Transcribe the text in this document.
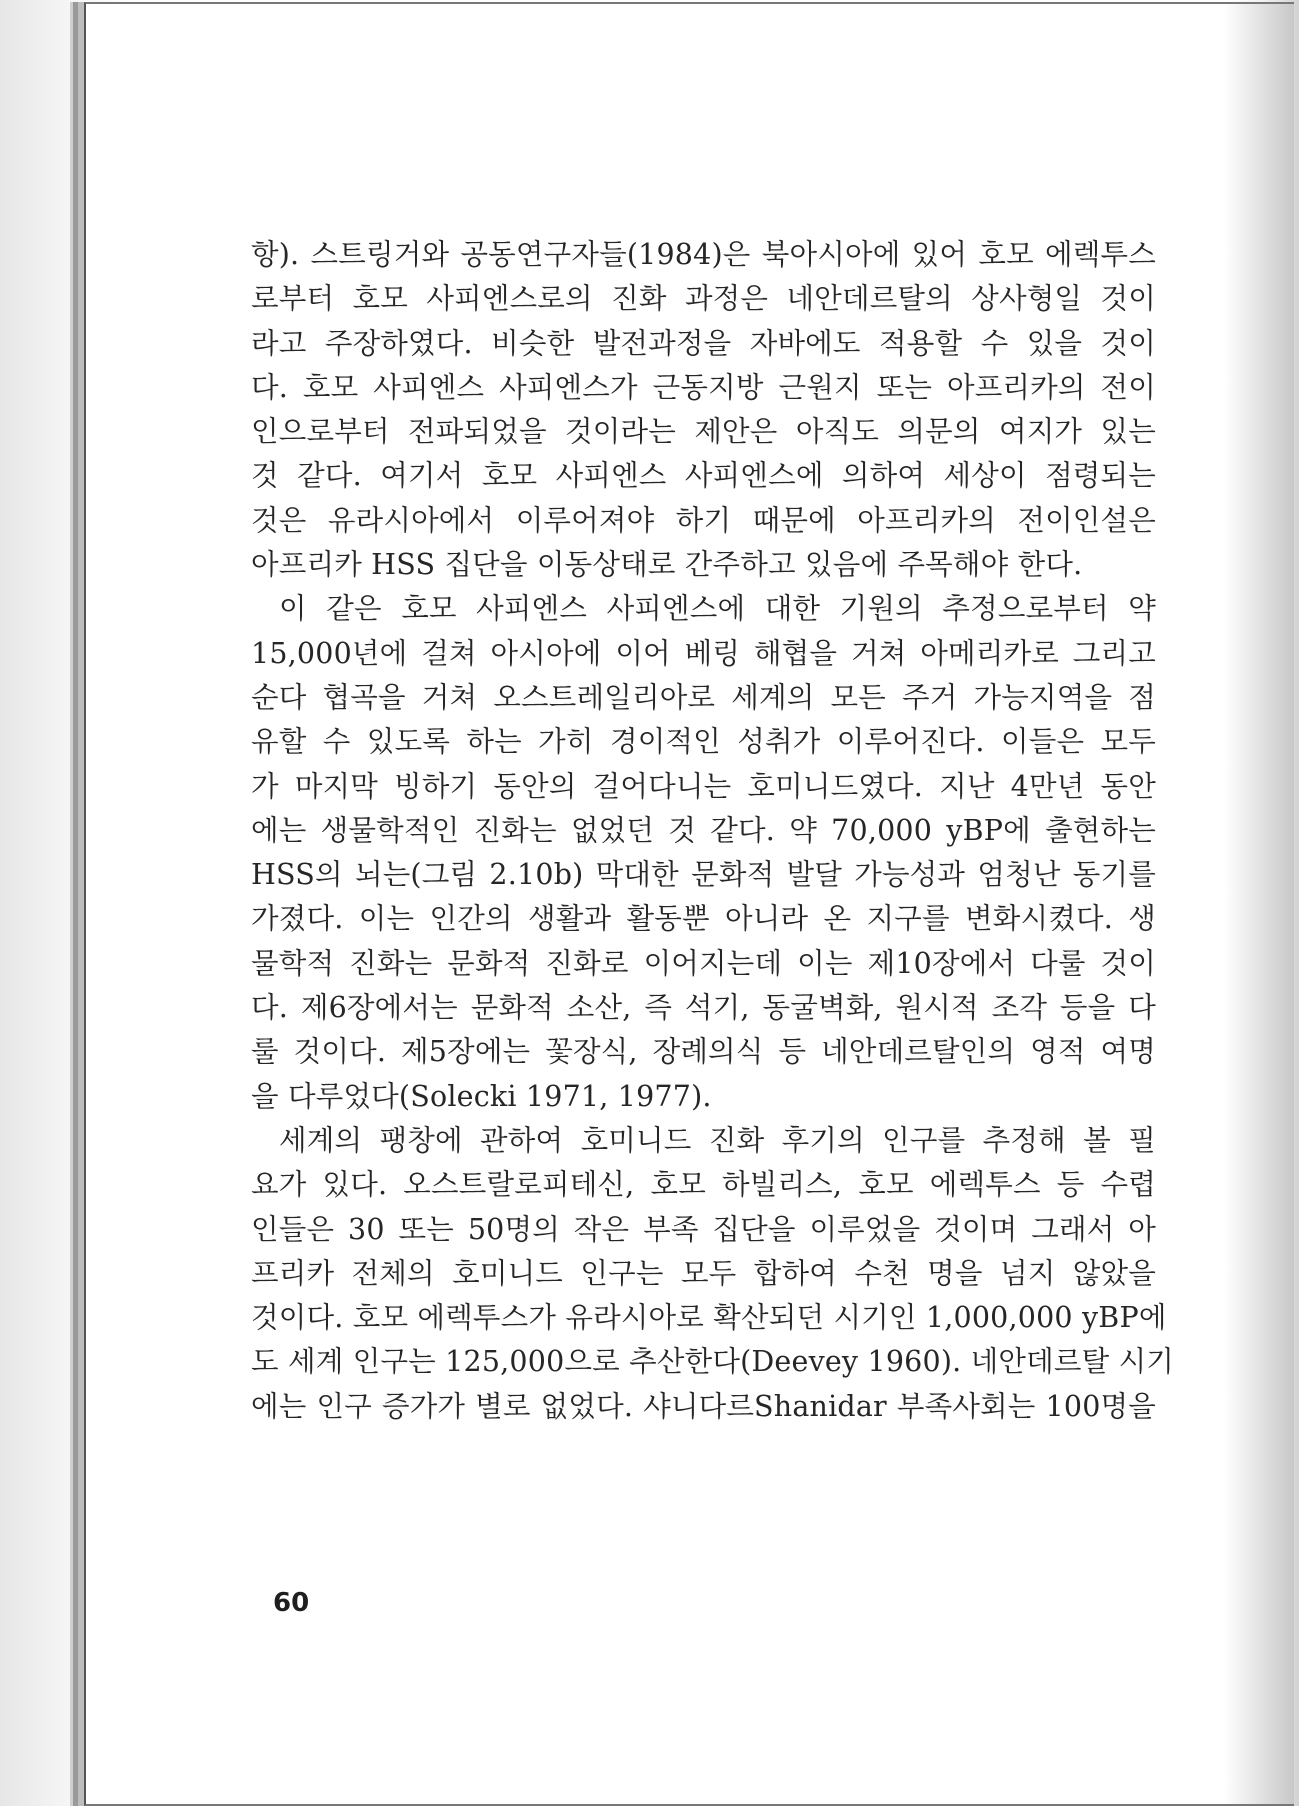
항). 스트링거와 공동연구자들(1984)은 북아시아에 있어 호모 에렉투스
로부터 호모 사피엔스로의 진화 과정은 네안데르탈의 상사형일 것이
라고 주장하였다. 비슷한 발전과정을 자바에도 적용할 수 있을 것이
다. 호모 사피엔스 사피엔스가 근동지방 근원지 또는 아프리카의 전이
인으로부터 전파되었을 것이라는 제안은 아직도 의문의 여지가 있는
것 같다. 여기서 호모 사피엔스 사피엔스에 의하여 세상이 점령되는
것은 유라시아에서 이루어져야 하기 때문에 아프리카의 전이인설은
아프리카 HSS 집단을 이동상태로 간주하고 있음에 주목해야 한다.
이 같은 호모 사피엔스 사피엔스에 대한 기원의 추정으로부터 약
15,000년에 걸쳐 아시아에 이어 베링 해협을 거쳐 아메리카로 그리고
순다 협곡을 거쳐 오스트레일리아로 세계의 모든 주거 가능지역을 점
유할 수 있도록 하는 가히 경이적인 성취가 이루어진다. 이들은 모두
가 마지막 빙하기 동안의 걸어다니는 호미니드였다. 지난 4만년 동안
에는 생물학적인 진화는 없었던 것 같다. 약 70,000 yBP에 출현하는
HSS의 뇌는(그림 2.10b) 막대한 문화적 발달 가능성과 엄청난 동기를
가졌다. 이는 인간의 생활과 활동뿐 아니라 온 지구를 변화시켰다. 생
물학적 진화는 문화적 진화로 이어지는데 이는 제10장에서 다룰 것이
다. 제6장에서는 문화적 소산, 즉 석기, 동굴벽화, 원시적 조각 등을 다
룰 것이다. 제5장에는 꽃장식, 장례의식 등 네안데르탈인의 영적 여명
을 다루었다(Solecki 1971, 1977).
세계의 팽창에 관하여 호미니드 진화 후기의 인구를 추정해 볼 필
요가 있다. 오스트랄로피테신, 호모 하빌리스, 호모 에렉투스 등 수렵
인들은 30 또는 50명의 작은 부족 집단을 이루었을 것이며 그래서 아
프리카 전체의 호미니드 인구는 모두 합하여 수천 명을 넘지 않았을
것이다. 호모 에렉투스가 유라시아로 확산되던 시기인 1,000,000 yBP에
도 세계 인구는 125,000으로 추산한다(Deevey 1960). 네안데르탈 시기
에는 인구 증가가 별로 없었다. 샤니다르Shanidar 부족사회는 100명을
60
